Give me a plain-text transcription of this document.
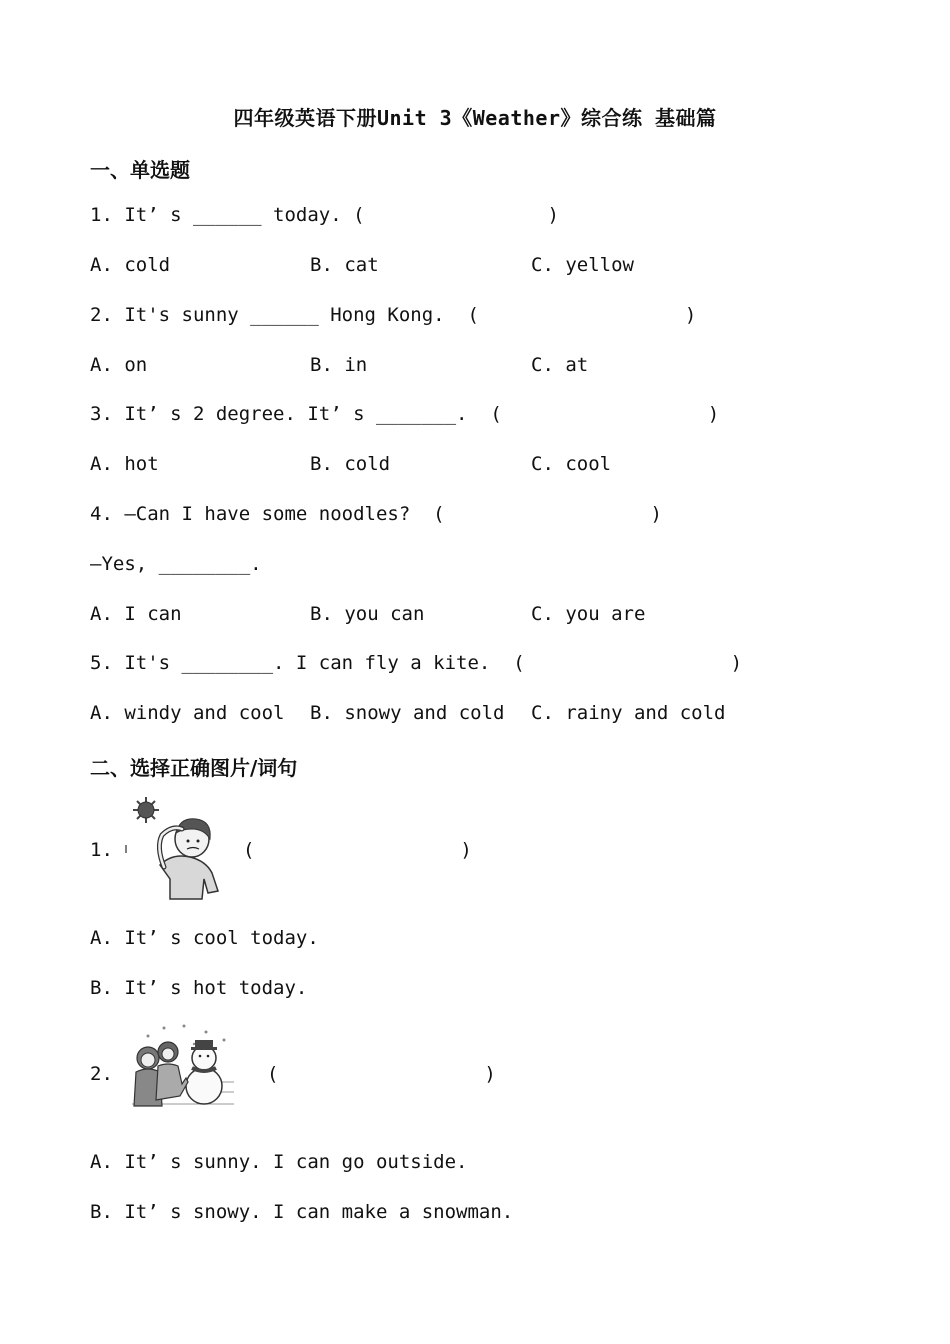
四年级英语下册Unit 3《Weather》综合练 基础篇
一、单选题
1. It’ s ______ today. (                )
A. cold	B. cat	C. yellow
2. It's sunny ______ Hong Kong.  (                  )
A. on	B. in	C. at
3. It’ s 2 degree. It’ s _______.  (                  )
A. hot	B. cold	C. cool
4. —Can I have some noodles?  (                  )
—Yes, ________.
A. I can	B. you can	C. you are
5. It's ________. I can fly a kite.  (                  )
A. windy and cool B. snowy and cold C. rainy and cold
二、选择正确图片/词句
1.	(                  )
A. It’ s cool today.
B. It’ s hot today.
2.	(                  )
A. It’ s sunny. I can go outside.
B. It’ s snowy. I can make a snowman.
